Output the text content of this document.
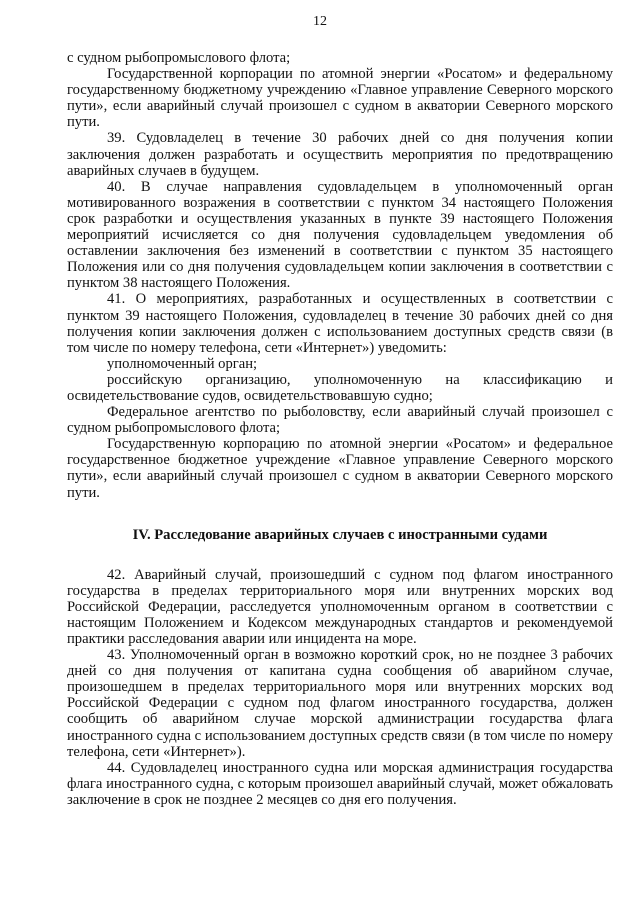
12

с судном рыбопромыслового флота;

Государственной корпорации по атомной энергии «Росатом» и федеральному государственному бюджетному учреждению «Главное управление Северного морского пути», если аварийный случай произошел с судном в акватории Северного морского пути.

39. Судовладелец в течение 30 рабочих дней со дня получения копии заключения должен разработать и осуществить мероприятия по предотвращению аварийных случаев в будущем.

40. В случае направления судовладельцем в уполномоченный орган мотивированного возражения в соответствии с пунктом 34 настоящего Положения срок разработки и осуществления указанных в пункте 39 настоящего Положения мероприятий исчисляется со дня получения судовладельцем уведомления об оставлении заключения без изменений в соответствии с пунктом 35 настоящего Положения или со дня получения судовладельцем копии заключения в соответствии с пунктом 38 настоящего Положения.

41. О мероприятиях, разработанных и осуществленных в соответствии с пунктом 39 настоящего Положения, судовладелец в течение 30 рабочих дней со дня получения копии заключения должен с использованием доступных средств связи (в том числе по номеру телефона, сети «Интернет») уведомить:

уполномоченный орган;

российскую организацию, уполномоченную на классификацию и освидетельствование судов, освидетельствовавшую судно;

Федеральное агентство по рыболовству, если аварийный случай произошел с судном рыбопромыслового флота;

Государственную корпорацию по атомной энергии «Росатом» и федеральное государственное бюджетное учреждение «Главное управление Северного морского пути», если аварийный случай произошел с судном в акватории Северного морского пути.

IV. Расследование аварийных случаев с иностранными судами

42. Аварийный случай, произошедший с судном под флагом иностранного государства в пределах территориального моря или внутренних морских вод Российской Федерации, расследуется уполномоченным органом в соответствии с настоящим Положением и Кодексом международных стандартов и рекомендуемой практики расследования аварии или инцидента на море.

43. Уполномоченный орган в возможно короткий срок, но не позднее 3 рабочих дней со дня получения от капитана судна сообщения об аварийном случае, произошедшем в пределах территориального моря или внутренних морских вод Российской Федерации с судном под флагом иностранного государства, должен сообщить об аварийном случае морской администрации государства флага иностранного судна с использованием доступных средств связи (в том числе по номеру телефона, сети «Интернет»).

44. Судовладелец иностранного судна или морская администрация государства флага иностранного судна, с которым произошел аварийный случай, может обжаловать заключение в срок не позднее 2 месяцев со дня его получения.
